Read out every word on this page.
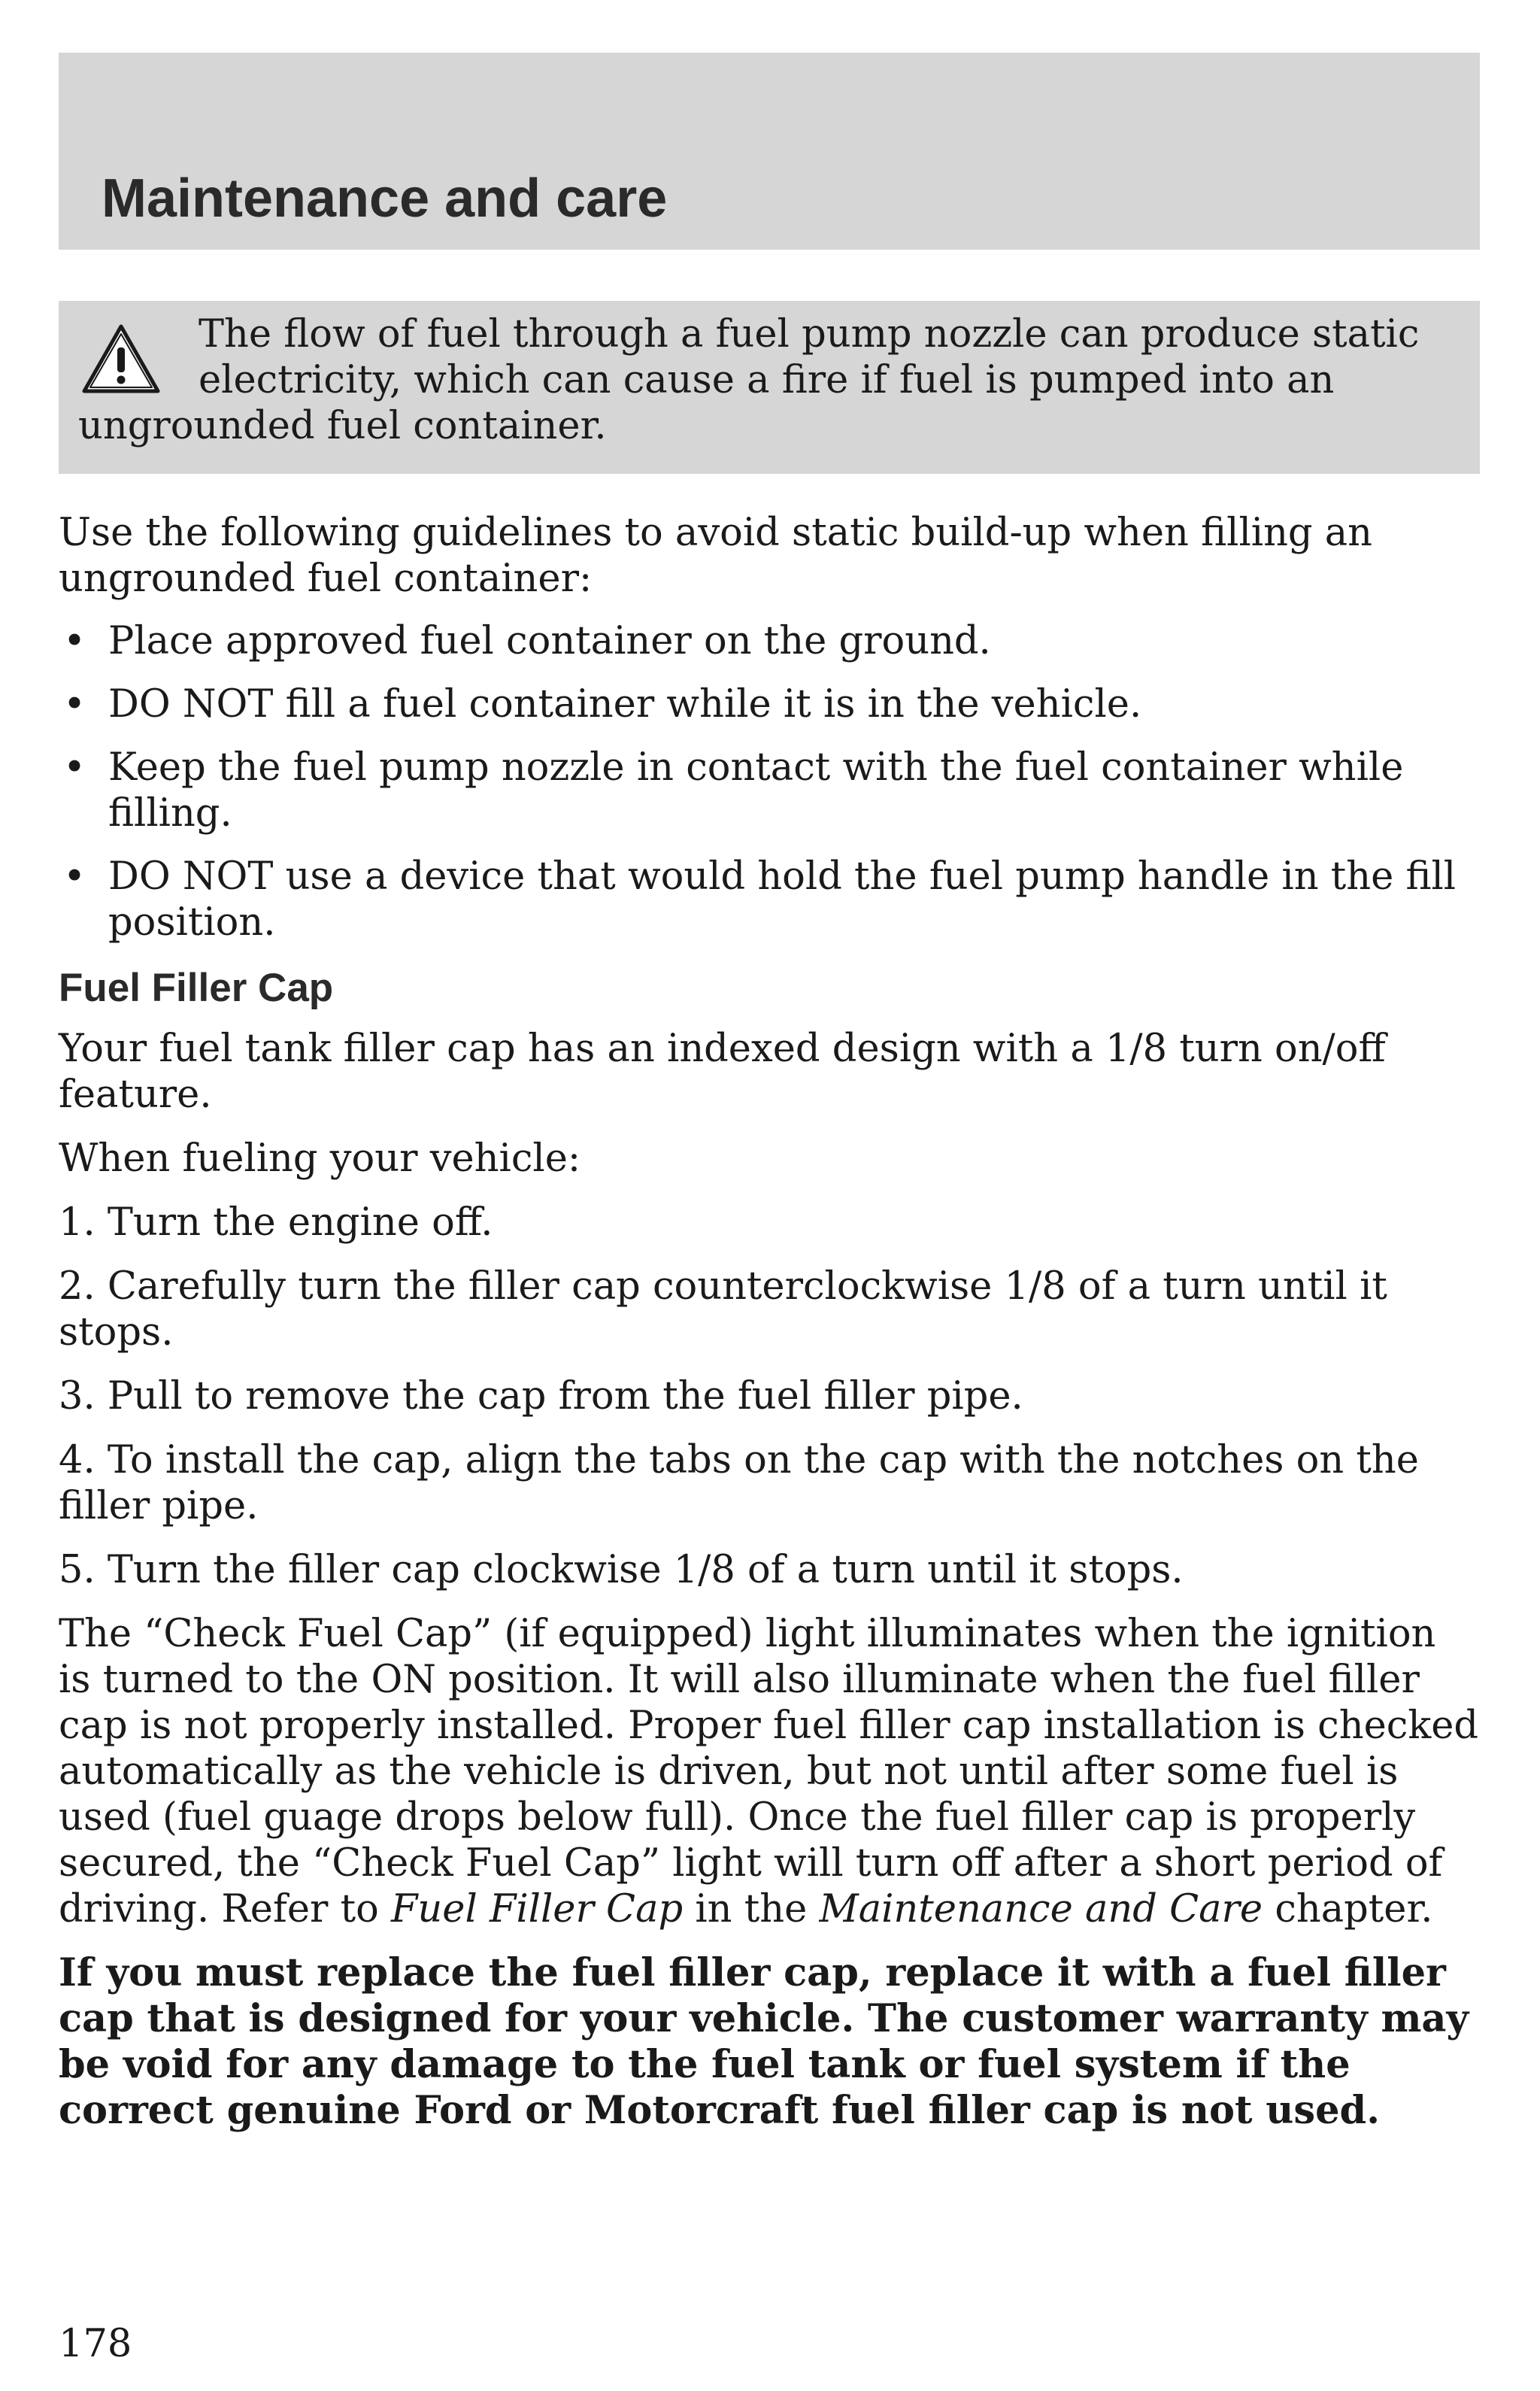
Maintenance and care

The flow of fuel through a fuel pump nozzle can produce static electricity, which can cause a fire if fuel is pumped into an ungrounded fuel container.

Use the following guidelines to avoid static build-up when filling an ungrounded fuel container:

• Place approved fuel container on the ground.
• DO NOT fill a fuel container while it is in the vehicle.
• Keep the fuel pump nozzle in contact with the fuel container while filling.
• DO NOT use a device that would hold the fuel pump handle in the fill position.
Fuel Filler Cap

Your fuel tank filler cap has an indexed design with a 1/8 turn on/off feature.

When fueling your vehicle:

1. Turn the engine off.

2. Carefully turn the filler cap counterclockwise 1/8 of a turn until it stops.

3. Pull to remove the cap from the fuel filler pipe.

4. To install the cap, align the tabs on the cap with the notches on the filler pipe.

5. Turn the filler cap clockwise 1/8 of a turn until it stops.

The “Check Fuel Cap” (if equipped) light illuminates when the ignition is turned to the ON position. It will also illuminate when the fuel filler cap is not properly installed. Proper fuel filler cap installation is checked automatically as the vehicle is driven, but not until after some fuel is used (fuel guage drops below full). Once the fuel filler cap is properly secured, the “Check Fuel Cap” light will turn off after a short period of driving. Refer to Fuel Filler Cap in the Maintenance and Care chapter.

If you must replace the fuel filler cap, replace it with a fuel filler cap that is designed for your vehicle. The customer warranty may be void for any damage to the fuel tank or fuel system if the correct genuine Ford or Motorcraft fuel filler cap is not used.

178
